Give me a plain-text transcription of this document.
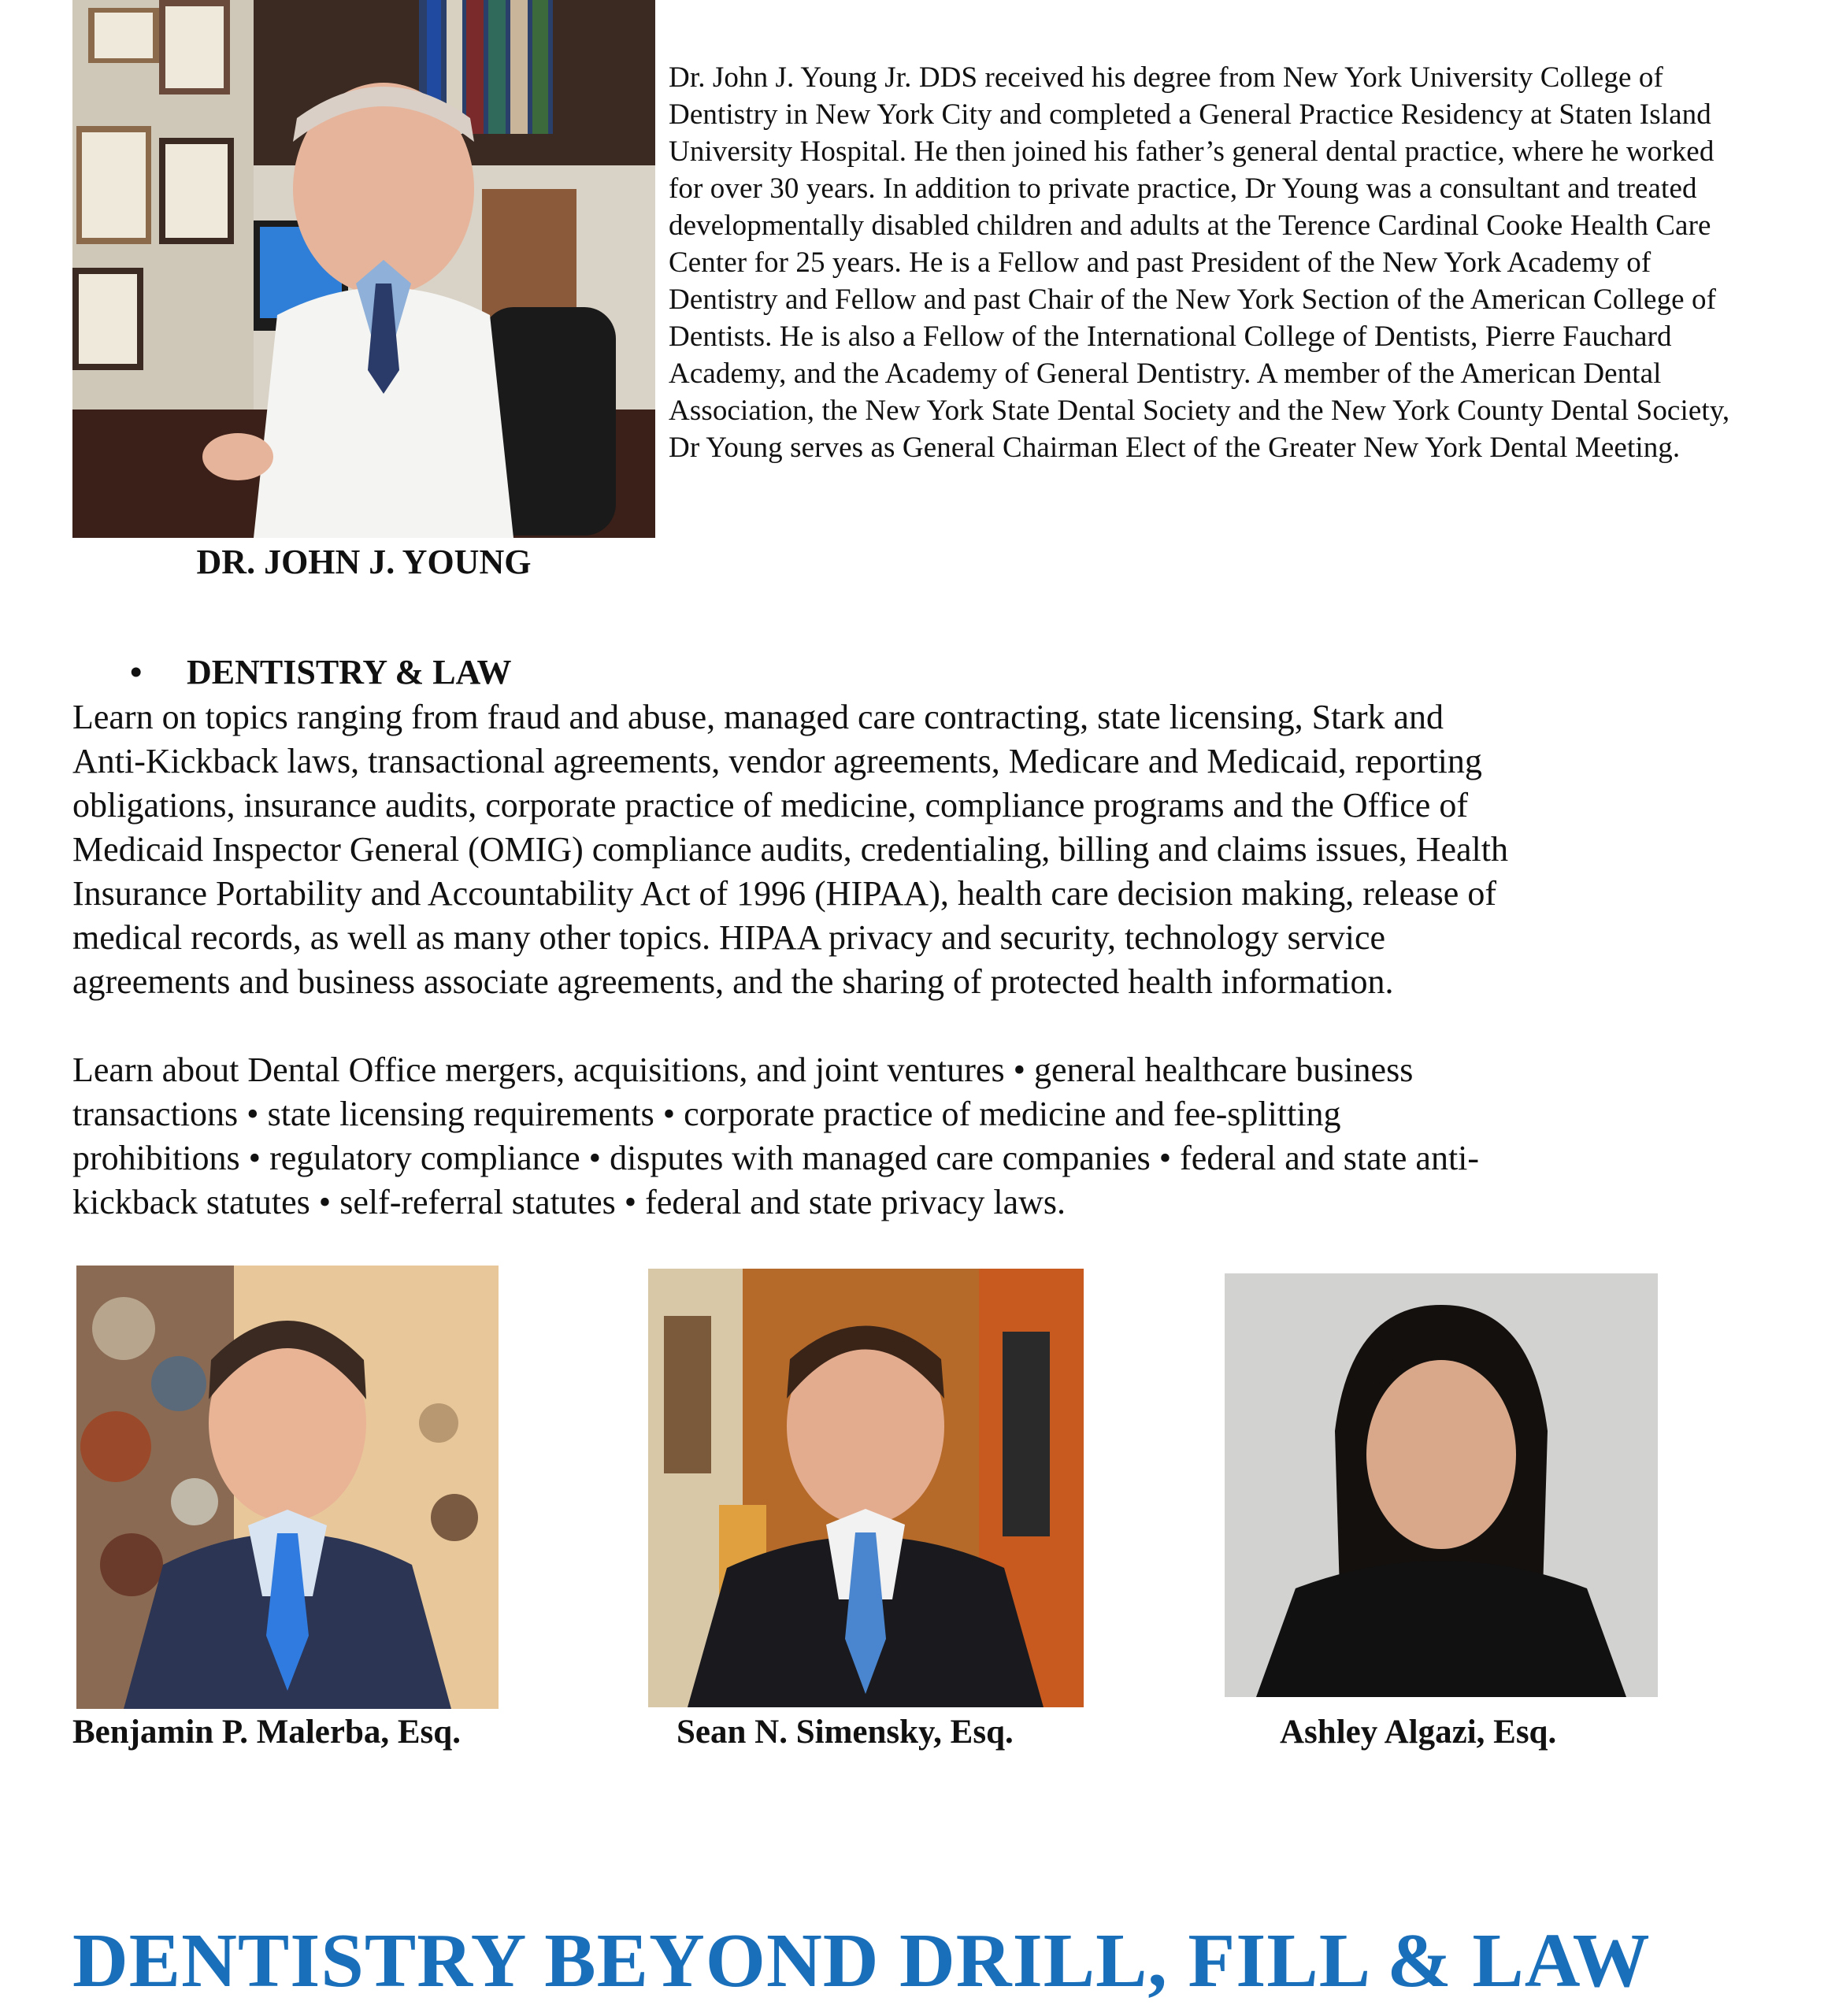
Dr. John J. Young Jr. DDS received his degree from New York University College of
Dentistry in New York City and completed a General Practice Residency at Staten Island
University Hospital. He then joined his father’s general dental practice, where he worked
for over 30 years. In addition to private practice, Dr Young was a consultant and treated
developmentally disabled children and adults at the Terence Cardinal Cooke Health Care
Center for 25 years. He is a Fellow and past President of the New York Academy of
Dentistry and Fellow and past Chair of the New York Section of the American College of
Dentists. He is also a Fellow of the International College of Dentists, Pierre Fauchard
Academy, and the Academy of General Dentistry. A member of the American Dental
Association, the New York State Dental Society and the New York County Dental Society,
Dr Young serves as General Chairman Elect of the Greater New York Dental Meeting.

DR. JOHN J. YOUNG
• DENTISTRY & LAW

Learn on topics ranging from fraud and abuse, managed care contracting, state licensing, Stark and
Anti-Kickback laws, transactional agreements, vendor agreements, Medicare and Medicaid, reporting
obligations, insurance audits, corporate practice of medicine, compliance programs and the Office of
Medicaid Inspector General (OMIG) compliance audits, credentialing, billing and claims issues, Health
Insurance Portability and Accountability Act of 1996 (HIPAA), health care decision making, release of
medical records, as well as many other topics. HIPAA privacy and security, technology service
agreements and business associate agreements, and the sharing of protected health information.

Learn about Dental Office mergers, acquisitions, and joint ventures • general healthcare business
transactions • state licensing requirements • corporate practice of medicine and fee-splitting
prohibitions • regulatory compliance • disputes with managed care companies • federal and state anti-
kickback statutes • self-referral statutes • federal and state privacy laws.

Benjamin P. Malerba, Esq.	Sean N. Simensky, Esq.	Ashley Algazi, Esq.
DENTISTRY BEYOND DRILL, FILL & LAW
